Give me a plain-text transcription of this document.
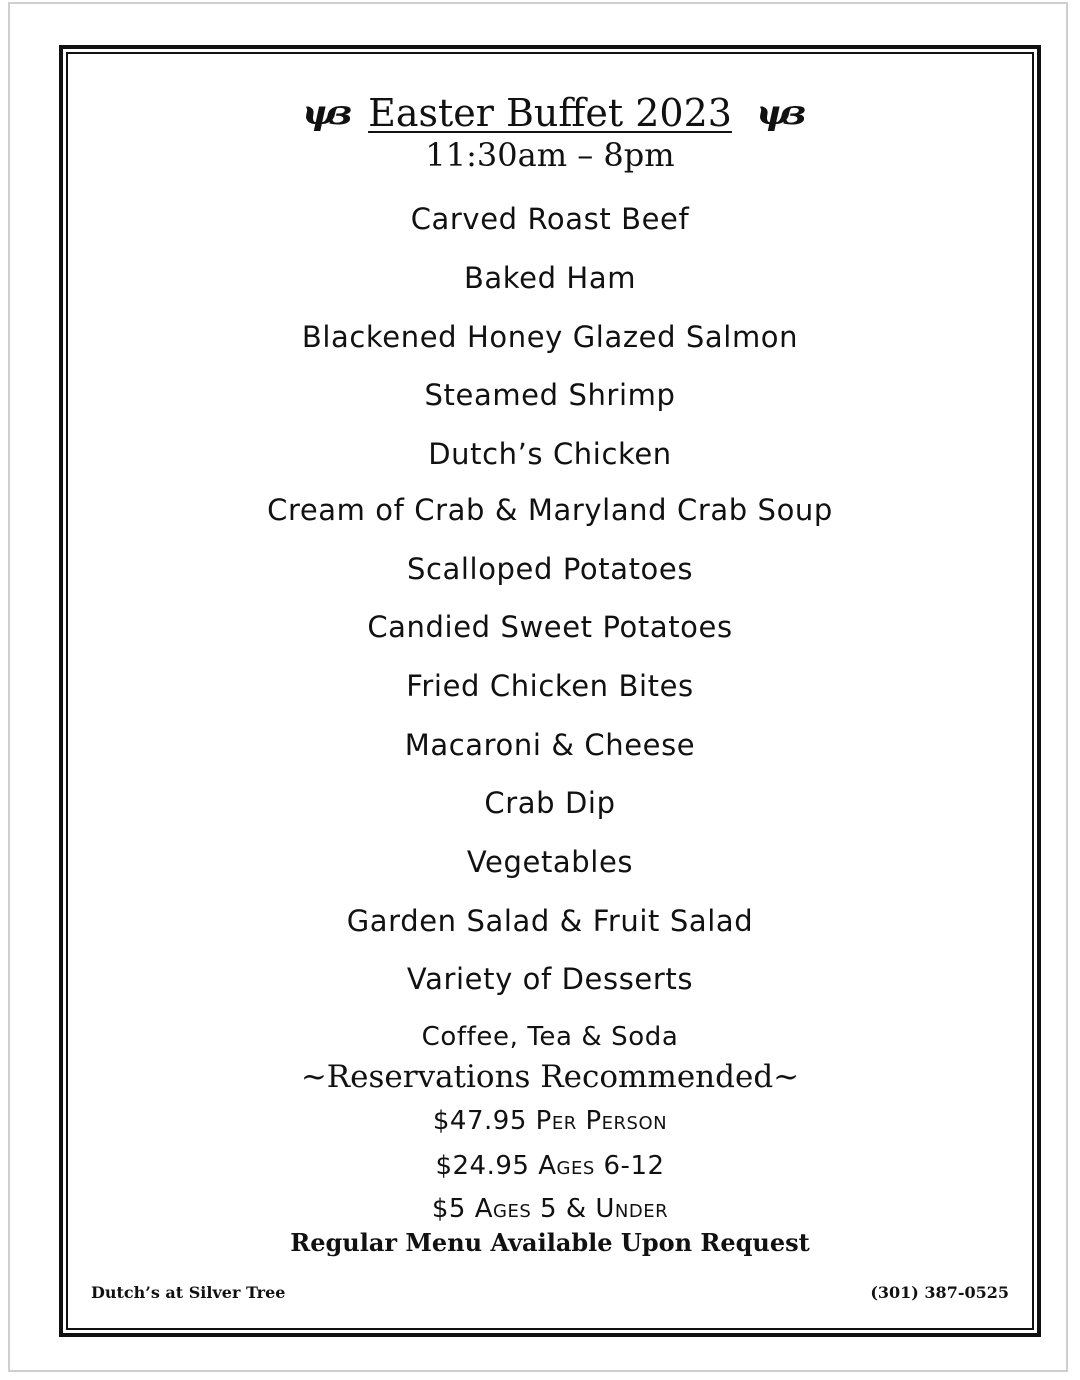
ψз Easter Buffet 2023 ψз
11:30am – 8pm
Carved Roast Beef
Baked Ham
Blackened Honey Glazed Salmon
Steamed Shrimp
Dutch’s Chicken
Cream of Crab & Maryland Crab Soup
Scalloped Potatoes
Candied Sweet Potatoes
Fried Chicken Bites
Macaroni & Cheese
Crab Dip
Vegetables
Garden Salad & Fruit Salad
Variety of Desserts
Coffee, Tea & Soda
~Reservations Recommended~
$47.95 Per Person
$24.95 Ages 6-12
$5 Ages 5 & Under
Regular Menu Available Upon Request
Dutch’s at Silver Tree	(301) 387-0525
